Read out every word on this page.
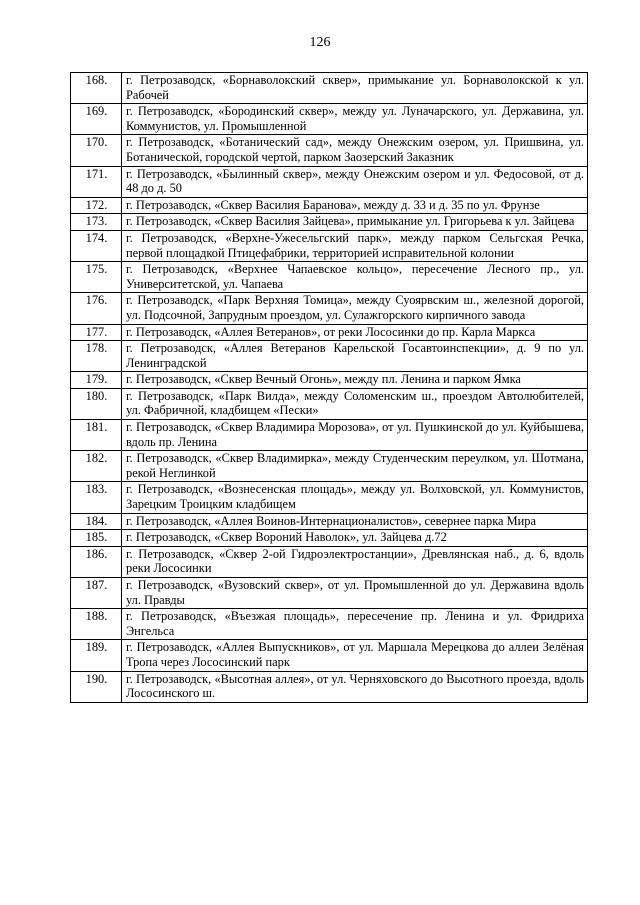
126
168.	г. Петрозаводск, «Борнаволокский сквер», примыкание ул. Борнаволокской к ул. Рабочей
169.	г. Петрозаводск, «Бородинский сквер», между ул. Луначарского, ул. Державина, ул. Коммунистов, ул. Промышленной
170.	г. Петрозаводск, «Ботанический сад», между Онежским озером, ул. Пришвина, ул. Ботанической, городской чертой, парком Заозерский Заказник
171.	г. Петрозаводск, «Былинный сквер», между Онежским озером и ул. Федосовой, от д. 48 до д. 50
172.	г. Петрозаводск, «Сквер Василия Баранова», между д. 33 и д. 35 по ул. Фрунзе
173.	г. Петрозаводск, «Сквер Василия Зайцева», примыкание ул. Григорьева к ул. Зайцева
174.	г. Петрозаводск, «Верхне-Ужесельгский парк», между парком Сельгская Речка, первой площадкой Птицефабрики, территорией исправительной колонии
175.	г. Петрозаводск, «Верхнее Чапаевское кольцо», пересечение Лесного пр., ул. Университетской, ул. Чапаева
176.	г. Петрозаводск, «Парк Верхняя Томица», между Суоярвским ш., железной дорогой, ул. Подсочной, Запрудным проездом, ул. Сулажгорского кирпичного завода
177.	г. Петрозаводск, «Аллея Ветеранов», от реки Лососинки до пр. Карла Маркса
178.	г. Петрозаводск, «Аллея Ветеранов Карельской Госавтоинспекции», д. 9 по ул. Ленинградской
179.	г. Петрозаводск, «Сквер Вечный Огонь», между пл. Ленина и парком Ямка
180.	г. Петрозаводск, «Парк Вилда», между Соломенским ш., проездом Автолюбителей, ул. Фабричной, кладбищем «Пески»
181.	г. Петрозаводск, «Сквер Владимира Морозова», от ул. Пушкинской до ул. Куйбышева, вдоль пр. Ленина
182.	г. Петрозаводск, «Сквер Владимирка», между Студенческим переулком, ул. Шотмана, рекой Неглинкой
183.	г. Петрозаводск, «Вознесенская площадь», между ул. Волховской, ул. Коммунистов, Зарецким Троицким кладбищем
184.	г. Петрозаводск, «Аллея Воинов-Интернационалистов», севернее парка Мира
185.	г. Петрозаводск, «Сквер Вороний Наволок», ул. Зайцева д.72
186.	г. Петрозаводск, «Сквер 2-ой Гидроэлектростанции», Древлянская наб., д. 6, вдоль реки Лососинки
187.	г. Петрозаводск, «Вузовский сквер», от ул. Промышленной до ул. Державина вдоль ул. Правды
188.	г. Петрозаводск, «Въезжая площадь», пересечение пр. Ленина и ул. Фридриха Энгельса
189.	г. Петрозаводск, «Аллея Выпускников», от ул. Маршала Мерецкова до аллеи Зелёная Тропа через Лососинский парк
190.	г. Петрозаводск, «Высотная аллея», от ул. Черняховского до Высотного проезда, вдоль Лососинского ш.
